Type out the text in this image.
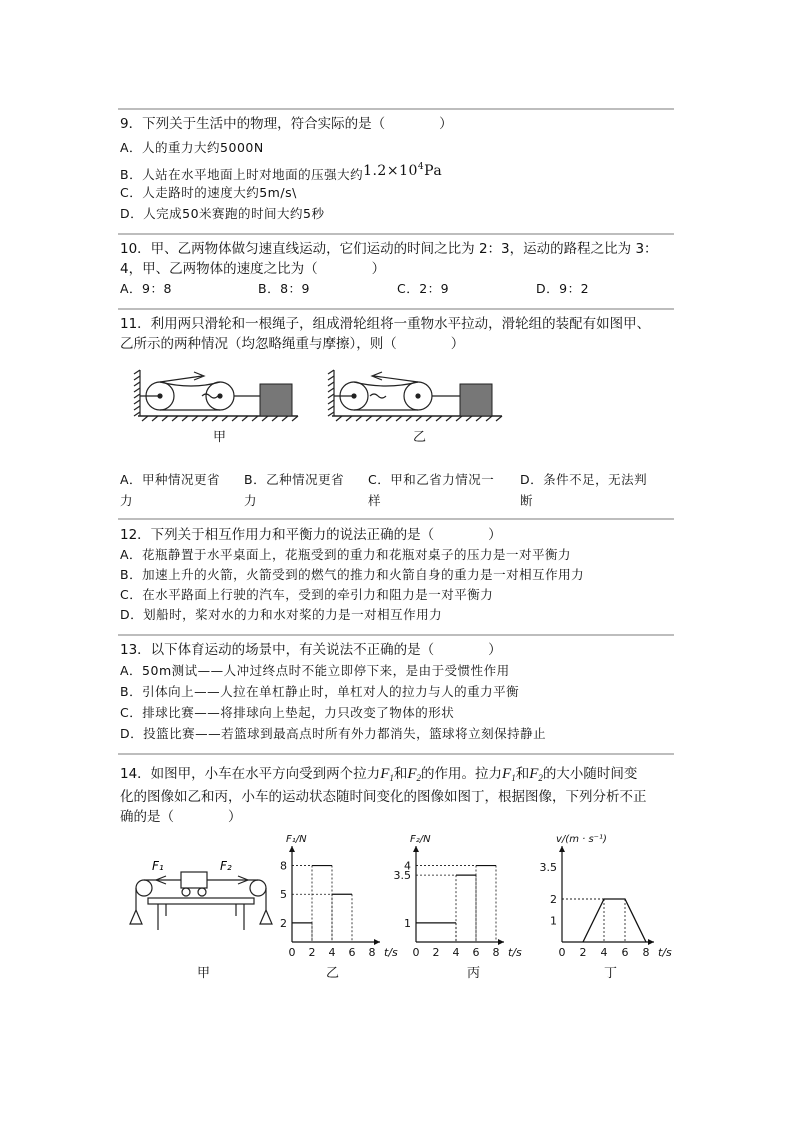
9．下列关于生活中的物理，符合实际的是（　　　　）
A．人的重力大约5000N
B．人站在水平地面上时对地面的压强大约$1.2\times 10^4Pa$
C．人走路时的速度大约5m/s\
D．人完成50米赛跑的时间大约5秒
10．甲、乙两物体做匀速直线运动，它们运动的时间之比为 2：3，运动的路程之比为 3：
4，甲、乙两物体的速度之比为（　　　　）
A．9：8	B．8：9	C．2：9	D．9：2
11．利用两只滑轮和一根绳子，组成滑轮组将一重物水平拉动，滑轮组的装配有如图甲、
乙所示的两种情况（均忽略绳重与摩擦），则（　　　　）
甲	乙
A．甲种情况更省
力
B．乙种情况更省
力
C．甲和乙省力情况一
样
D．条件不足，无法判
断
12．下列关于相互作用力和平衡力的说法正确的是（　　　　）
A．花瓶静置于水平桌面上，花瓶受到的重力和花瓶对桌子的压力是一对平衡力
B．加速上升的火箭，火箭受到的燃气的推力和火箭自身的重力是一对相互作用力
C．在水平路面上行驶的汽车，受到的牵引力和阻力是一对平衡力
D．划船时，桨对水的力和水对桨的力是一对相互作用力
13．以下体育运动的场景中，有关说法不正确的是（　　　　）
A．50m测试——人冲过终点时不能立即停下来，是由于受惯性作用
B．引体向上——人拉在单杠静止时，单杠对人的拉力与人的重力平衡
C．排球比赛——将排球向上垫起，力只改变了物体的形状
D．投篮比赛——若篮球到最高点时所有外力都消失，篮球将立刻保持静止
14．如图甲，小车在水平方向受到两个拉力$F_1$和$F_2$的作用。拉力$F_1$和$F_2$的大小随时间变
化的图像如乙和丙，小车的运动状态随时间变化的图像如图丁，根据图像，下列分析不正
确的是（　　　　）
F₁	F₂
甲
0 2 4 6 8 t/s
2
5
8
F₁/N
乙
0 2 4 6 8 t/s
1
3.5
4
F₂/N
丙
0 2 4 6 8 t/s
1
2
3.5
v/(m · s⁻¹)
丁
